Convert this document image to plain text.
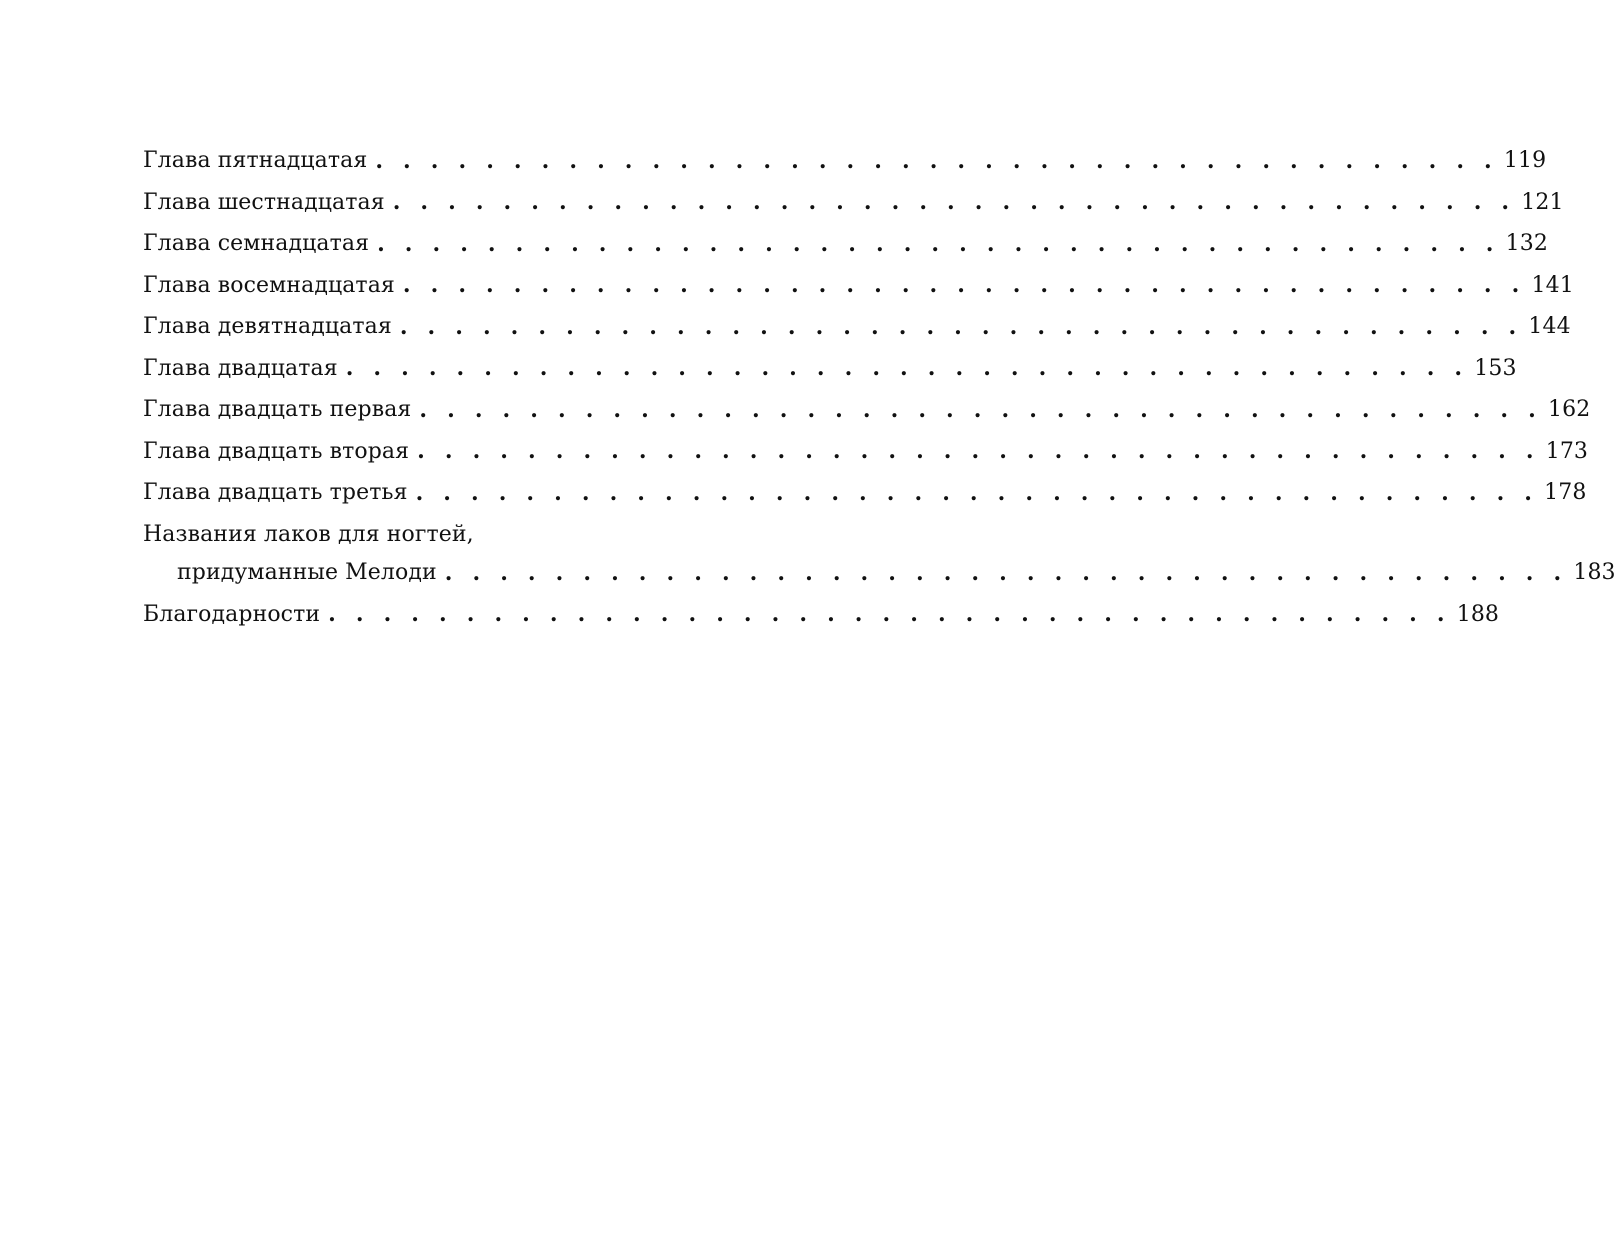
Глава пятнадцатая . . . . . . . . . . . . . . . . . . . . . . . . . . . . . . . . . . . . . . . . . 119
Глава шестнадцатая . . . . . . . . . . . . . . . . . . . . . . . . . . . . . . . . . . . . . . . . . 121
Глава семнадцатая . . . . . . . . . . . . . . . . . . . . . . . . . . . . . . . . . . . . . . . . . 132
Глава восемнадцатая . . . . . . . . . . . . . . . . . . . . . . . . . . . . . . . . . . . . . . . . . 141
Глава девятнадцатая . . . . . . . . . . . . . . . . . . . . . . . . . . . . . . . . . . . . . . . . . 144
Глава двадцатая . . . . . . . . . . . . . . . . . . . . . . . . . . . . . . . . . . . . . . . . . 153
Глава двадцать первая . . . . . . . . . . . . . . . . . . . . . . . . . . . . . . . . . . . . . . . . . 162
Глава двадцать вторая . . . . . . . . . . . . . . . . . . . . . . . . . . . . . . . . . . . . . . . . . 173
Глава двадцать третья . . . . . . . . . . . . . . . . . . . . . . . . . . . . . . . . . . . . . . . . . 178
Названия лаков для ногтей,
придуманные Мелоди . . . . . . . . . . . . . . . . . . . . . . . . . . . . . . . . . . . . . . . . . 183
Благодарности . . . . . . . . . . . . . . . . . . . . . . . . . . . . . . . . . . . . . . . . . 188
